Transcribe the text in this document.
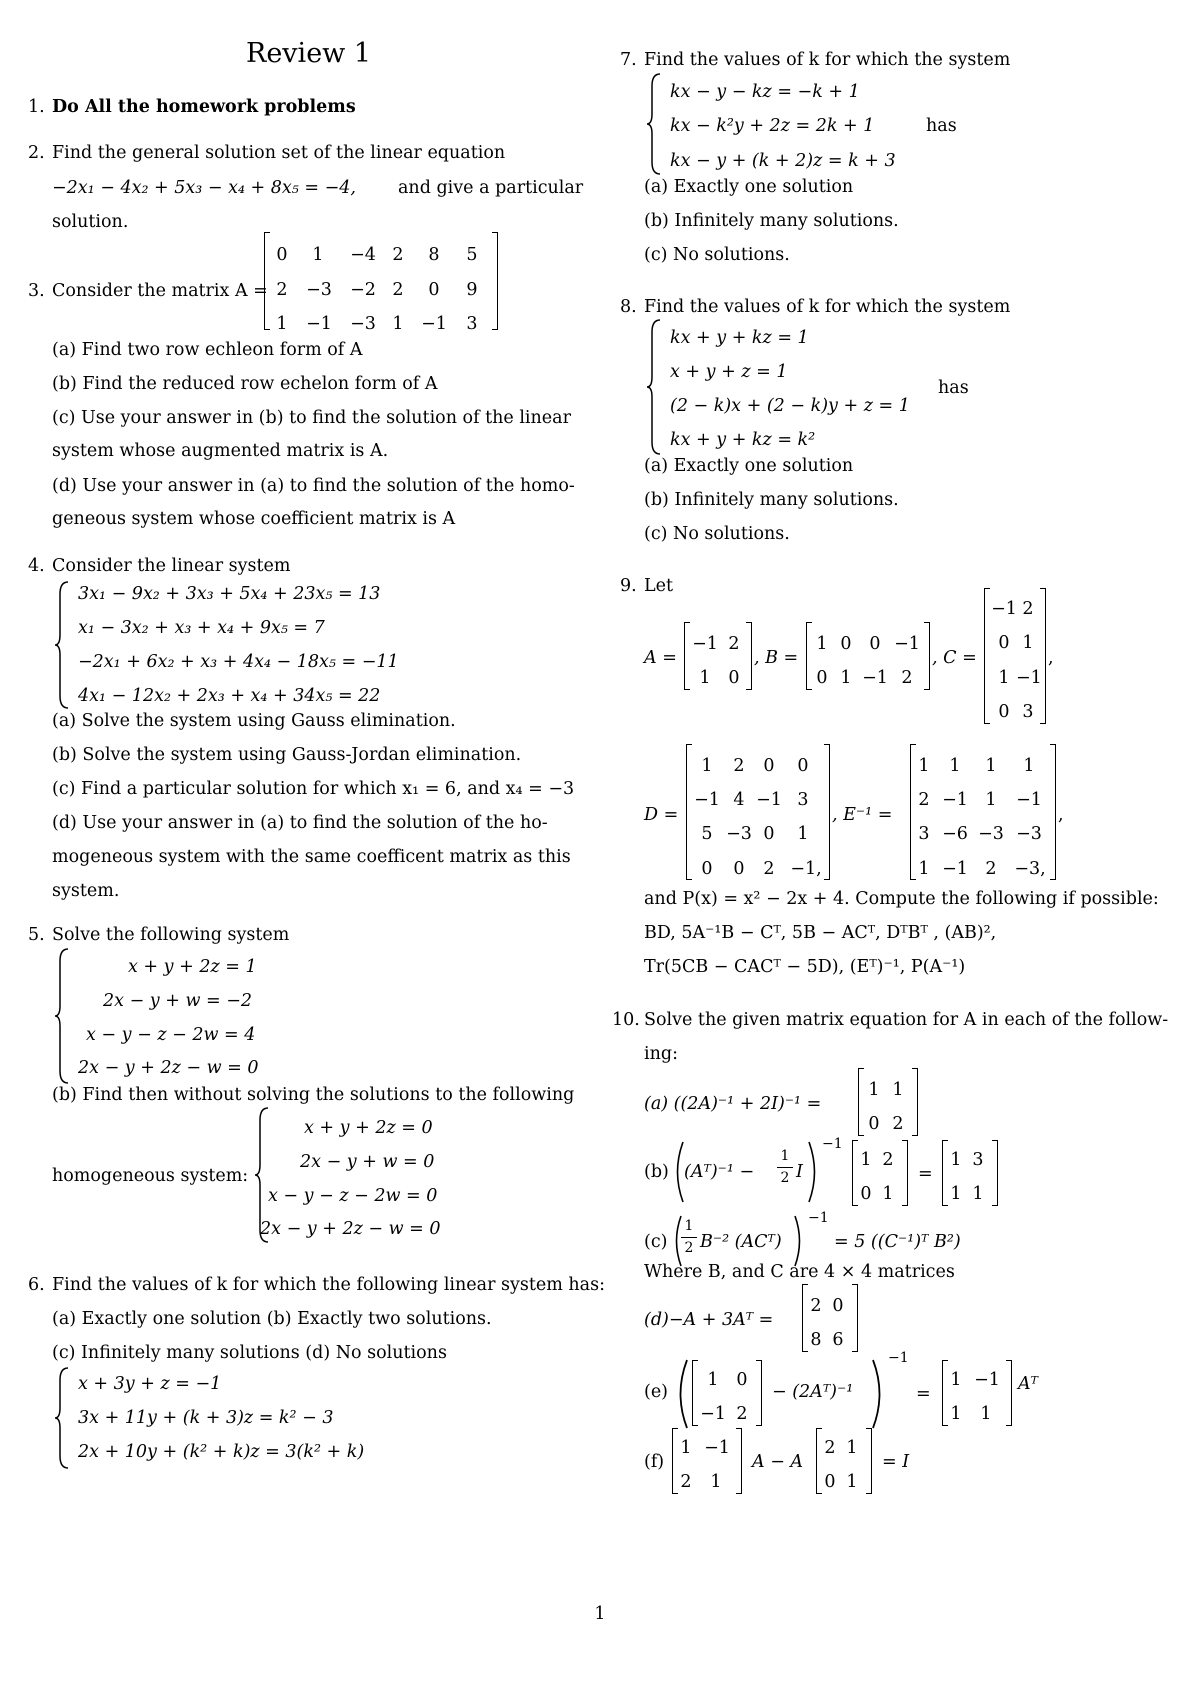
Review 1
1. Do All the homework problems
2. Find the general solution set of the linear equation
−2x₁ − 4x₂ + 5x₃ − x₄ + 8x₅ = −4, and give a particular
solution.
3. Consider the matrix A =
0	1	−4 2	8	5
2	−3 −2 2	0	9
1	−1 −3 1	−1	3
(a) Find two row echleon form of A
(b) Find the reduced row echelon form of A
(c) Use your answer in (b) to find the solution of the linear
system whose augmented matrix is A.
(d) Use your answer in (a) to find the solution of the homo-
geneous system whose coefficient matrix is A
4. Consider the linear system
3x₁ − 9x₂ + 3x₃ + 5x₄ + 23x₅ = 13
x₁ − 3x₂ + x₃ + x₄ + 9x₅ = 7
−2x₁ + 6x₂ + x₃ + 4x₄ − 18x₅ = −11
4x₁ − 12x₂ + 2x₃ + x₄ + 34x₅ = 22
(a) Solve the system using Gauss elimination.
(b) Solve the system using Gauss-Jordan elimination.
(c) Find a particular solution for which x₁ = 6, and x₄ = −3
(d) Use your answer in (a) to find the solution of the ho-
mogeneous system with the same coefficent matrix as this
system.
5. Solve the following system
x + y + 2z = 1
2x − y + w = −2
x − y − z − 2w = 4
2x − y + 2z − w = 0
(b) Find then without solving the solutions to the following
homogeneous system:
x + y + 2z = 0
2x − y + w = 0
x − y − z − 2w = 0
2x − y + 2z − w = 0
6. Find the values of k for which the following linear system has:
(a) Exactly one solution (b) Exactly two solutions.
(c) Infinitely many solutions (d) No solutions
x + 3y + z = −1
3x + 11y + (k + 3)z = k² − 3
2x + 10y + (k² + k)z = 3(k² + k)
7. Find the values of k for which the system
kx − y − kz = −k + 1
kx − k²y + 2z = 2k + 1
kx − y + (k + 2)z = k + 3
has
(a) Exactly one solution
(b) Infinitely many solutions.
(c) No solutions.
8. Find the values of k for which the system
kx + y + kz = 1
x + y + z = 1
(2 − k)x + (2 − k)y + z = 1
kx + y + kz = k²
has
(a) Exactly one solution
(b) Infinitely many solutions.
(c) No solutions.
9. Let
A =
−1 2
1	0
, B =
1 0	0 −1
0 1 −1 2
, C =
−1 2
0 1
1 −1
0 3
,
D =
1	2	0	0
−1 4 −1 3
5 −3 0	1
0	0	2 −1,
, E⁻¹ =
1	1	1	1
2 −1	1	−1
3 −6 −3 −3
1 −1	2	−3,
,
and P(x) = x² − 2x + 4. Compute the following if possible:
BD, 5A⁻¹B − Cᵀ, 5B − ACᵀ, DᵀBᵀ , (AB)²,
Tr(5CB − CACᵀ − 5D), (Eᵀ)⁻¹, P(A⁻¹)
10. Solve the given matrix equation for A in each of the follow-
ing:
(a) ((2A)⁻¹ + 2I)⁻¹ =
1 1
0 2
(b) (Aᵀ)⁻¹ −
1
2 I
−1
1 2
0 1
=
1 3
1 1
(c)
1
2 B⁻² (ACᵀ)
−1
= 5 ((C⁻¹)ᵀ B²)
Where B, and C are 4 × 4 matrices
(d)−A + 3Aᵀ =
2 0
8 6
(e)
1	0
−1 2
− (2Aᵀ)⁻¹
−1
=
1 −1
1 1
Aᵀ
(f)
1 −1
2 1
A − A
2 1
0 1
= I
1
